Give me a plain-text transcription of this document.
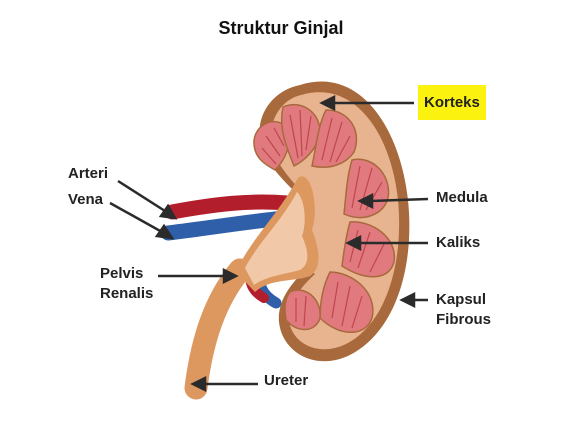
Struktur Ginjal
Korteks
Arteri
Vena	Medula
Kaliks
Pelvis
Renalis	Kapsul
Fibrous
Ureter
